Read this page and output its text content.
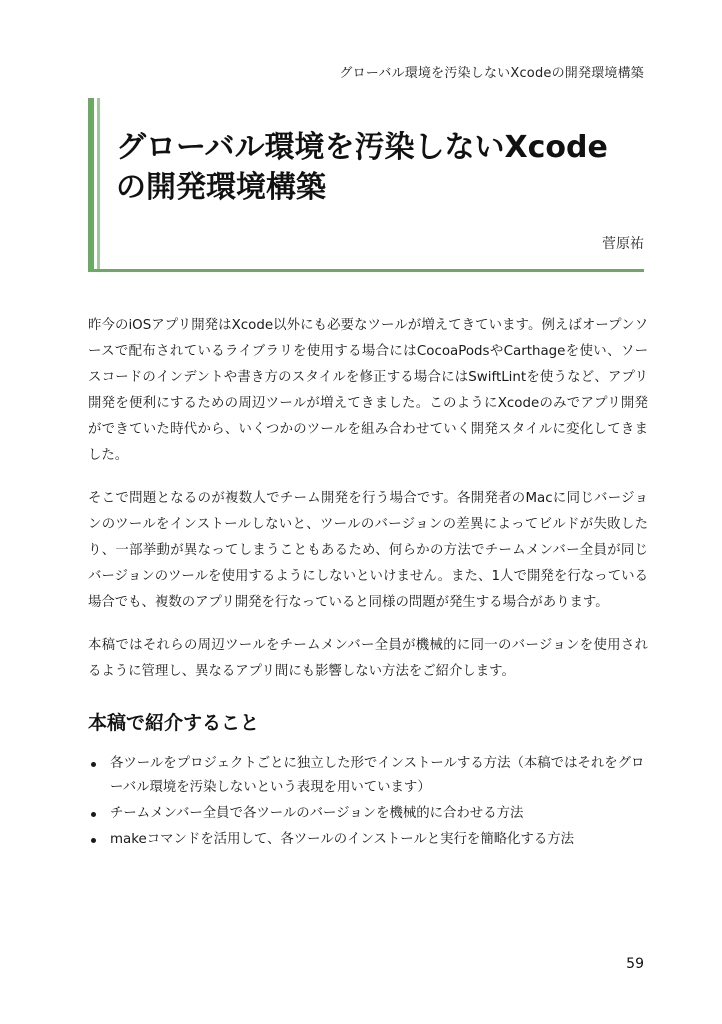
グローバル環境を汚染しないXcodeの開発環境構築
グローバル環境を汚染しないXcode
の開発環境構築
菅原祐

昨今のiOSアプリ開発はXcode以外にも必要なツールが増えてきています。例えばオープンソースで配布されているライブラリを使用する場合にはCocoaPodsやCarthageを使い、ソースコードのインデントや書き方のスタイルを修正する場合にはSwiftLintを使うなど、アプリ開発を便利にするための周辺ツールが増えてきました。このようにXcodeのみでアプリ開発ができていた時代から、いくつかのツールを組み合わせていく開発スタイルに変化してきました。

そこで問題となるのが複数人でチーム開発を行う場合です。各開発者のMacに同じバージョンのツールをインストールしないと、ツールのバージョンの差異によってビルドが失敗したり、一部挙動が異なってしまうこともあるため、何らかの方法でチームメンバー全員が同じバージョンのツールを使用するようにしないといけません。また、1人で開発を行なっている場合でも、複数のアプリ開発を行なっていると同様の問題が発生する場合があります。

本稿ではそれらの周辺ツールをチームメンバー全員が機械的に同一のバージョンを使用されるように管理し、異なるアプリ間にも影響しない方法をご紹介します。

本稿で紹介すること
各ツールをプロジェクトごとに独立した形でインストールする方法（本稿ではそれをグローバル環境を汚染しないという表現を用いています）
チームメンバー全員で各ツールのバージョンを機械的に合わせる方法
makeコマンドを活用して、各ツールのインストールと実行を簡略化する方法
59
